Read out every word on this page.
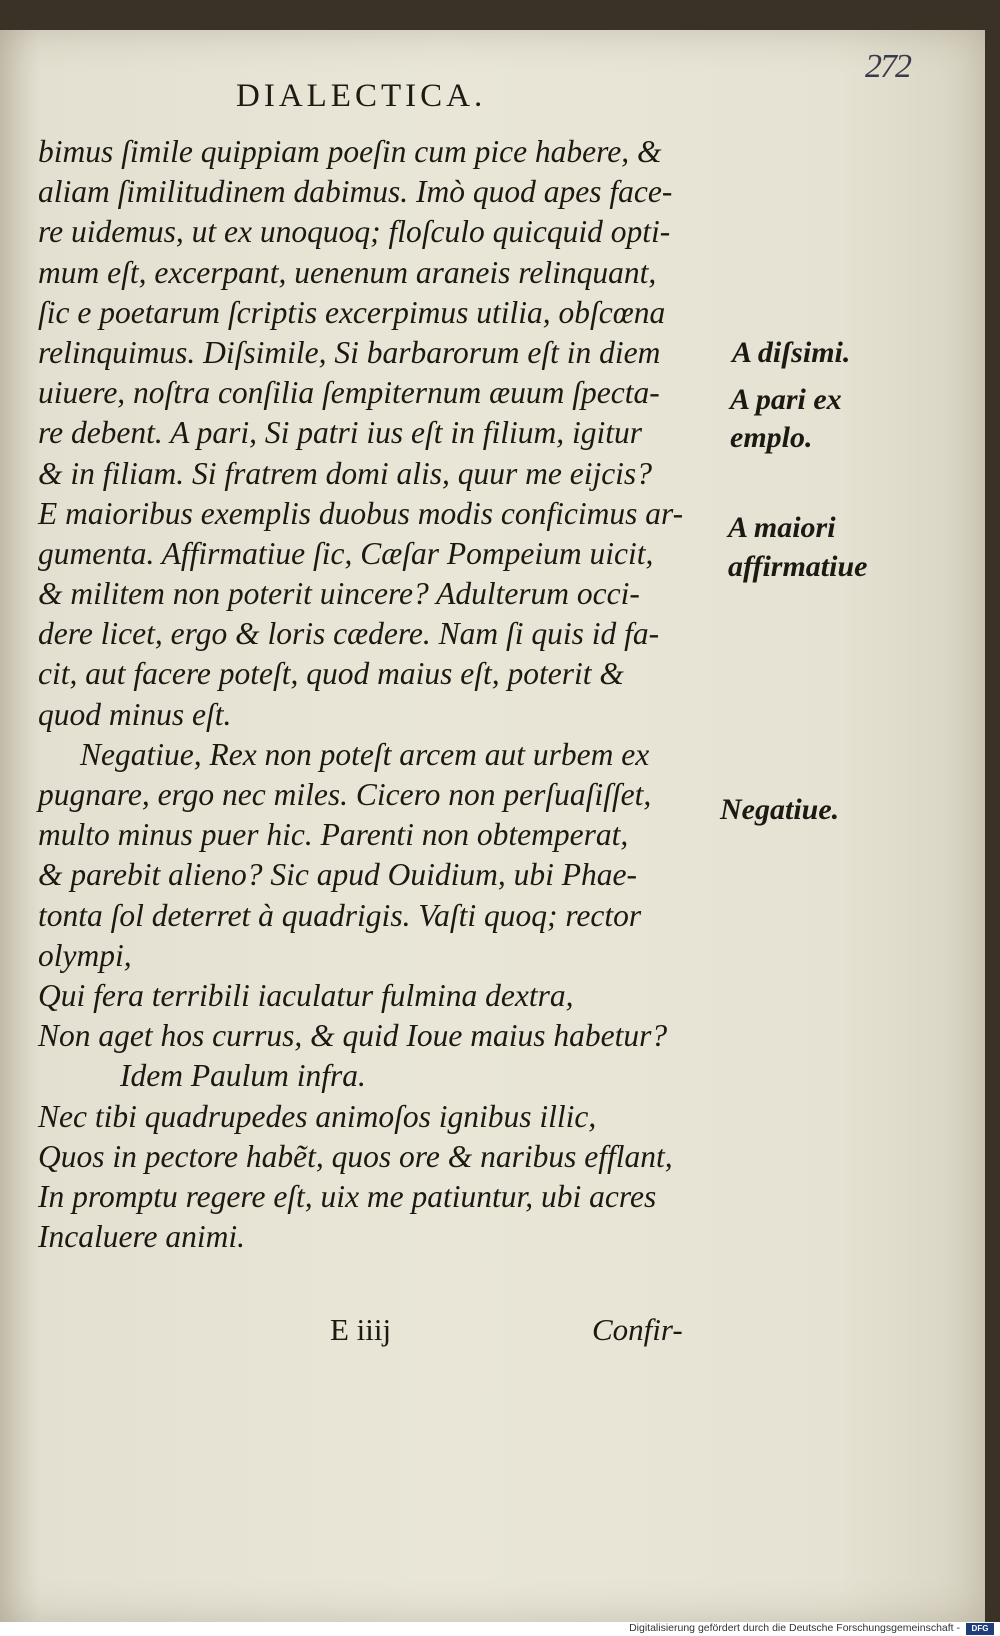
272
DIALECTICA.
bimus ſimile quippiam poeſin cum pice habere, &
aliam ſimilitudinem dabimus. Imò quod apes face-
re uidemus, ut ex unoquoq; floſculo quicquid opti-
mum eſt, excerpant, uenenum araneis relinquant,
ſic e poetarum ſcriptis excerpimus utilia, obſcœna
relinquimus. Diſsimile, Si barbarorum eſt in diem
uiuere, noſtra conſilia ſempiternum æuum ſpecta-
re debent. A pari, Si patri ius eſt in filium, igitur
& in filiam. Si fratrem domi alis, quur me eijcis?
E maioribus exemplis duobus modis conficimus ar-
gumenta. Affirmatiue ſic, Cæſar Pompeium uicit,
& militem non poterit uincere? Adulterum occi-
dere licet, ergo & loris cædere. Nam ſi quis id fa-
cit, aut facere poteſt, quod maius eſt, poterit &
quod minus eſt.
Negatiue, Rex non poteſt arcem aut urbem ex
pugnare, ergo nec miles. Cicero non perſuaſiſſet,
multo minus puer hic. Parenti non obtemperat,
& parebit alieno? Sic apud Ouidium, ubi Phae-
tonta ſol deterret à quadrigis. Vaſti quoq; rector
olympi,
Qui fera terribili iaculatur fulmina dextra,
Non aget hos currus, & quid Ioue maius habetur?
Idem Paulum infra.
Nec tibi quadrupedes animoſos ignibus illic,
Quos in pectore habẽt, quos ore & naribus efflant,
In promptu regere eſt, uix me patiuntur, ubi acres
Incaluere animi.
A diſsimi.
A pari ex
emplo.
A maiori
affirmatiue
Negatiue.
E iiij	Confir-
Digitalisierung gefördert durch die Deutsche Forschungsgemeinschaft -	DFG
